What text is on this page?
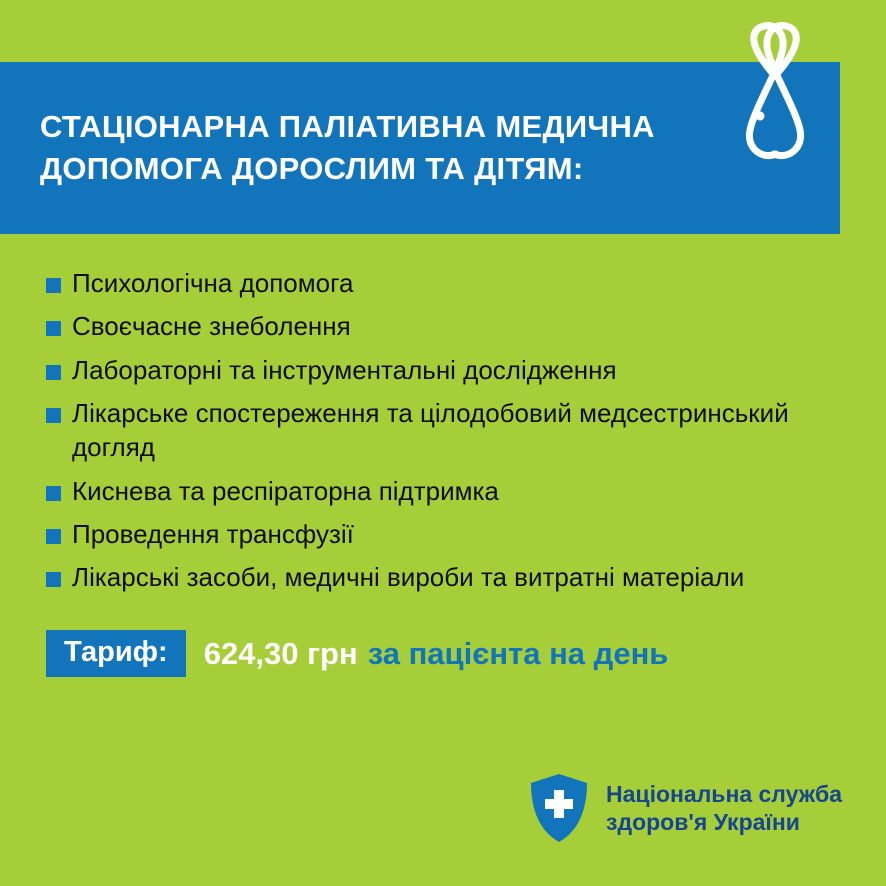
СТАЦІОНАРНА ПАЛІАТИВНА МЕДИЧНА
ДОПОМОГА ДОРОСЛИМ ТА ДІТЯМ:
Психологічна допомога
Своєчасне знеболення
Лабораторні та інструментальні дослідження
Лікарське спостереження та цілодобовий медсестринський догляд
Киснева та респіраторна підтримка
Проведення трансфузії
Лікарські засоби, медичні вироби та витратні матеріали
Тариф:	624,30 грн за пацієнта на день
Національна служба
здоров'я України
